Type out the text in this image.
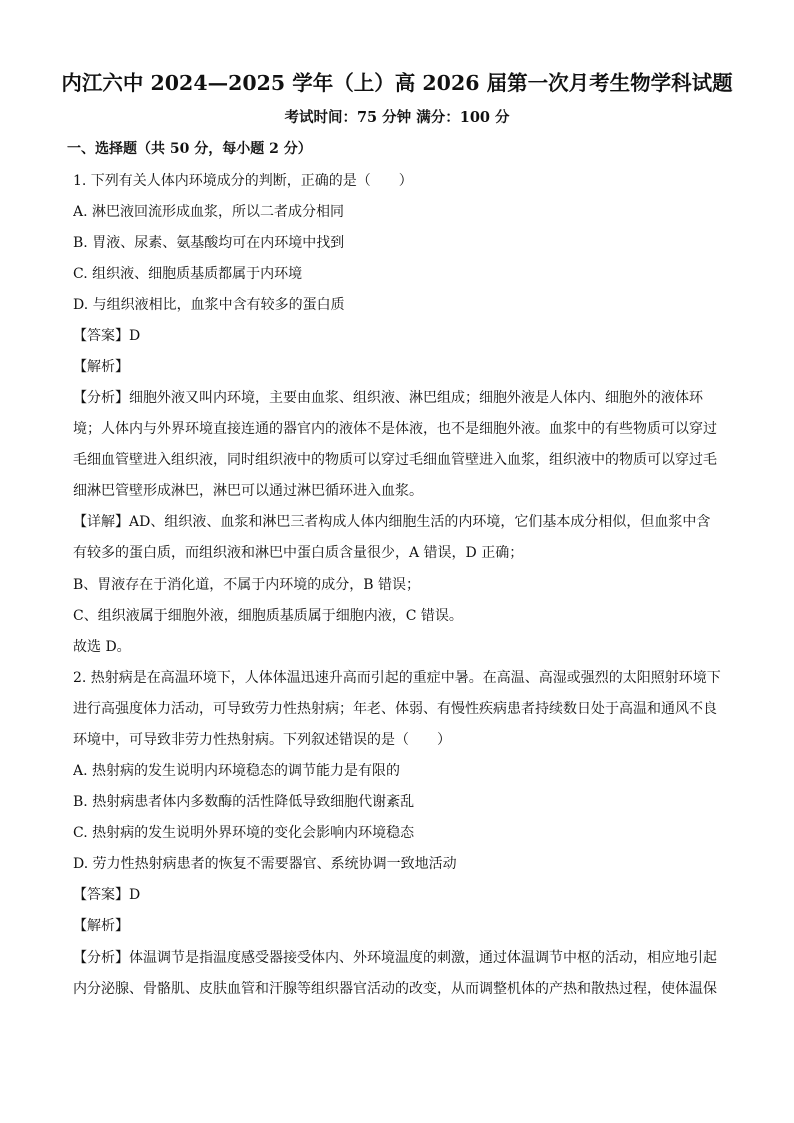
内江六中 2024—2025 学年（上）高 2026 届第一次月考生物学科试题
考试时间：75 分钟 满分：100 分
一、选择题（共 50 分，每小题 2 分）
1. 下列有关人体内环境成分的判断，正确的是（　　）
A. 淋巴液回流形成血浆，所以二者成分相同
B. 胃液、尿素、氨基酸均可在内环境中找到
C. 组织液、细胞质基质都属于内环境
D. 与组织液相比，血浆中含有较多的蛋白质
【答案】D
【解析】
【分析】细胞外液又叫内环境，主要由血浆、组织液、淋巴组成；细胞外液是人体内、细胞外的液体环
境；人体内与外界环境直接连通的器官内的液体不是体液，也不是细胞外液。血浆中的有些物质可以穿过
毛细血管壁进入组织液，同时组织液中的物质可以穿过毛细血管壁进入血浆，组织液中的物质可以穿过毛
细淋巴管壁形成淋巴，淋巴可以通过淋巴循环进入血浆。
【详解】AD、组织液、血浆和淋巴三者构成人体内细胞生活的内环境，它们基本成分相似，但血浆中含
有较多的蛋白质，而组织液和淋巴中蛋白质含量很少，A 错误，D 正确；
B、胃液存在于消化道，不属于内环境的成分，B 错误；
C、组织液属于细胞外液，细胞质基质属于细胞内液，C 错误。
故选 D。
2. 热射病是在高温环境下，人体体温迅速升高而引起的重症中暑。在高温、高湿或强烈的太阳照射环境下
进行高强度体力活动，可导致劳力性热射病；年老、体弱、有慢性疾病患者持续数日处于高温和通风不良
环境中，可导致非劳力性热射病。下列叙述错误的是（　　）
A. 热射病的发生说明内环境稳态的调节能力是有限的
B. 热射病患者体内多数酶的活性降低导致细胞代谢紊乱
C. 热射病的发生说明外界环境的变化会影响内环境稳态
D. 劳力性热射病患者的恢复不需要器官、系统协调一致地活动
【答案】D
【解析】
【分析】体温调节是指温度感受器接受体内、外环境温度的刺激，通过体温调节中枢的活动，相应地引起
内分泌腺、骨骼肌、皮肤血管和汗腺等组织器官活动的改变，从而调整机体的产热和散热过程，使体温保
